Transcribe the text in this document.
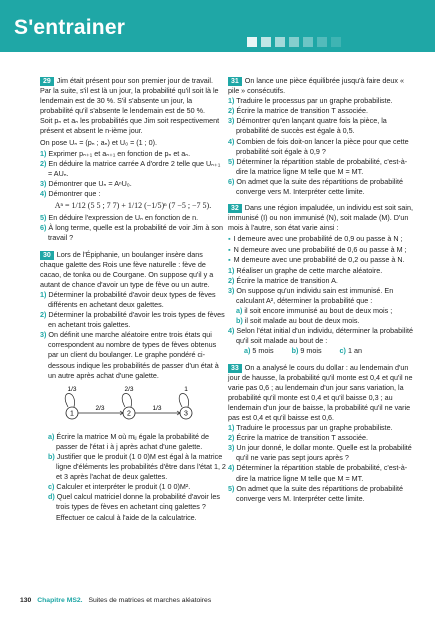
S'entrainer

29 Jim était présent pour son premier jour de travail. Par la suite, s'il est là un jour, la probabilité qu'il soit là le lendemain est de 30 %. S'il s'absente un jour, la probabilité qu'il s'absente le lendemain est de 50 %.

Soit pₙ et aₙ les probabilités que Jim soit respectivement présent et absent le n-ième jour.

On pose Uₙ = (pₙ ; aₙ) et U₀ = (1 ; 0).

1) Exprimer pₙ₊₁ et aₙ₊₁ en fonction de pₙ et aₙ.

2) En déduire la matrice carrée A d'ordre 2 telle que Uₙ₊₁ = AUₙ.

3) Démontrer que Uₙ = AⁿU₀.

4) Démontrer que :

Aⁿ = 1/12 (5 5 ; 7 7) + 1/12 (−1/5)ⁿ (7 −5 ; −7 5).

5) En déduire l'expression de Uₙ en fonction de n.

6) À long terme, quelle est la probabilité de voir Jim à son travail ?

30 Lors de l'Épiphanie, un boulanger insère dans chaque galette des Rois une fève naturelle : fève de cacao, de tonka ou de Courgane. On suppose qu'il y a autant de chance d'avoir un type de fève ou un autre.

1) Déterminer la probabilité d'avoir deux types de fèves différents en achetant deux galettes.

2) Déterminer la probabilité d'avoir les trois types de fèves en achetant trois galettes.

3) On définit une marche aléatoire entre trois états qui correspondent au nombre de types de fèves obtenus par un client du boulanger. Le graphe pondéré ci-dessous indique les probabilités de passer d'un état à un autre après achat d'une galette.

1
1/3
2
2/3
3
1
2/3	1/3

a) Écrire la matrice M où mᵢⱼ égale la probabilité de passer de l'état i à j après achat d'une galette.

b) Justifier que le produit (1 0 0)M est égal à la matrice ligne d'éléments les probabilités d'être dans l'état 1, 2 et 3 après l'achat de deux galettes.

c) Calculer et interpréter le produit (1 0 0)M².

d) Quel calcul matriciel donne la probabilité d'avoir les trois types de fèves en achetant cinq galettes ? Effectuer ce calcul à l'aide de la calculatrice.

31 On lance une pièce équilibrée jusqu'à faire deux « pile » consécutifs.

1) Traduire le processus par un graphe probabiliste.

2) Écrire la matrice de transition T associée.

3) Démontrer qu'en lançant quatre fois la pièce, la probabilité de succès est égale à 0,5.

4) Combien de fois doit-on lancer la pièce pour que cette probabilité soit égale à 0,9 ?

5) Déterminer la répartition stable de probabilité, c'est-à-dire la matrice ligne M telle que M = MT.

6) On admet que la suite des répartitions de probabilité converge vers M. Interpréter cette limite.

32 Dans une région impaludée, un individu est soit sain, immunisé (I) ou non immunisé (N), soit malade (M). D'un mois à l'autre, son état varie ainsi :

▪ I demeure avec une probabilité de 0,9 ou passe à N ;

▪ N demeure avec une probabilité de 0,6 ou passe à M ;

▪ M demeure avec une probabilité de 0,2 ou passe à N.

1) Réaliser un graphe de cette marche aléatoire.

2) Écrire la matrice de transition A.

3) On suppose qu'un individu sain est immunisé. En calculant A², déterminer la probabilité que :

a) il soit encore immunisé au bout de deux mois ;

b) il soit malade au bout de deux mois.

4) Selon l'état initial d'un individu, déterminer la probabilité qu'il soit malade au bout de :

a) 5 mois	b) 9 mois	c) 1 an

33 On a analysé le cours du dollar : au lendemain d'un jour de hausse, la probabilité qu'il monte est 0,4 et qu'il ne varie pas 0,6 ; au lendemain d'un jour sans variation, la probabilité qu'il monte est 0,4 et qu'il baisse 0,3 ; au lendemain d'un jour de baisse, la probabilité qu'il ne varie pas est 0,4 et qu'il baisse est 0,6.

1) Traduire le processus par un graphe probabiliste.

2) Écrire la matrice de transition T associée.

3) Un jour donné, le dollar monte. Quelle est la probabilité qu'il ne varie pas sept jours après ?

4) Déterminer la répartition stable de probabilité, c'est-à-dire la matrice ligne M telle que M = MT.

5) On admet que la suite des répartitions de probabilité converge vers M. Interpréter cette limite.

130 Chapitre MS2. Suites de matrices et marches aléatoires
